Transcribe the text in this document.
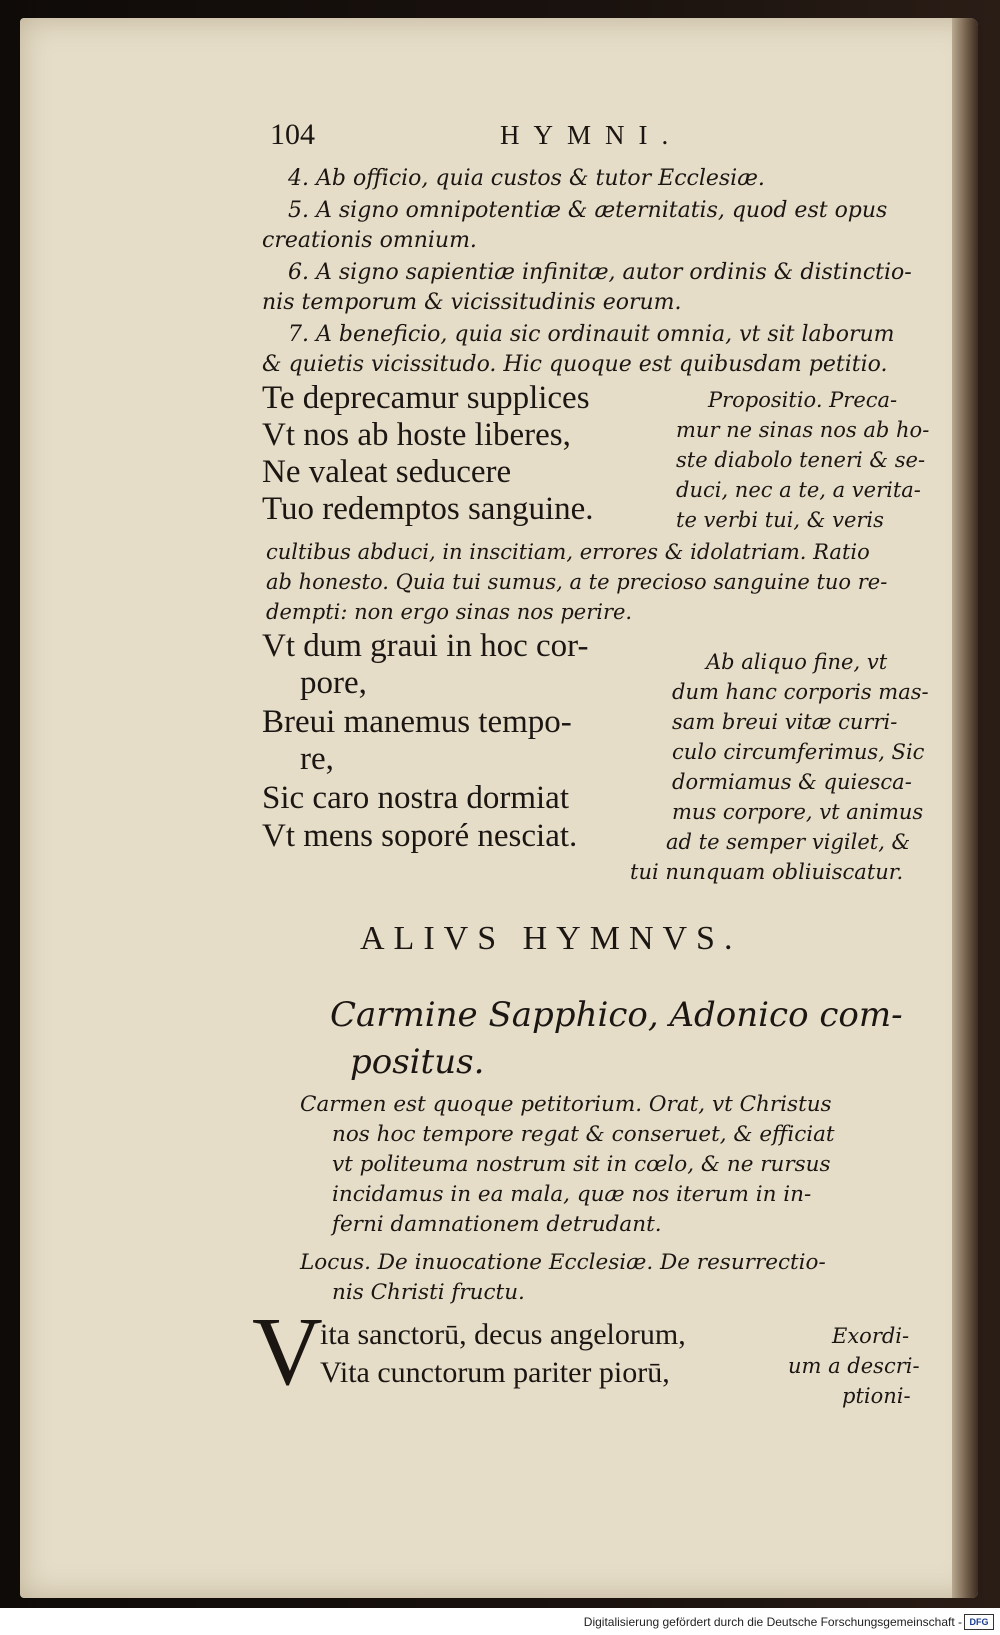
104	HYMNI.
4. Ab officio, quia custos & tutor Ecclesiæ.
5. A signo omnipotentiæ & æternitatis, quod est opus
creationis omnium.
6. A signo sapientiæ infinitæ, autor ordinis & distinctio-
nis temporum & vicissitudinis eorum.
7. A beneficio, quia sic ordinauit omnia, vt sit laborum
& quietis vicissitudo. Hic quoque est quibusdam petitio.
Te deprecamur supplices
Vt nos ab hoste liberes,
Ne valeat seducere
Tuo redemptos sanguine.
Propositio. Preca-
mur ne sinas nos ab ho-
ste diabolo teneri & se-
duci, nec a te, a verita-
te verbi tui, & veris
cultibus abduci, in inscitiam, errores & idolatriam. Ratio
ab honesto. Quia tui sumus, a te precioso sanguine tuo re-
dempti: non ergo sinas nos perire.
Vt dum graui in hoc cor-
pore,
Breui manemus tempo-
re,
Sic caro nostra dormiat
Vt mens soporé nesciat.
Ab aliquo fine, vt
dum hanc corporis mas-
sam breui vitæ curri-
culo circumferimus, Sic
dormiamus & quiesca-
mus corpore, vt animus
ad te semper vigilet, &
tui nunquam obliuiscatur.
ALIVS HYMNVS.
Carmine Sapphico, Adonico com-
positus.
Carmen est quoque petitorium. Orat, vt Christus
nos hoc tempore regat & conseruet, & efficiat
vt politeuma nostrum sit in cœlo, & ne rursus
incidamus in ea mala, quæ nos iterum in in-
ferni damnationem detrudant.
Locus. De inuocatione Ecclesiæ. De resurrectio-
nis Christi fructu.
V
ita sanctorū, decus angelorum,
Vita cunctorum pariter piorū,
Exordi-
um a descri-
ptioni-
Digitalisierung gefördert durch die Deutsche Forschungsgemeinschaft - DFG
